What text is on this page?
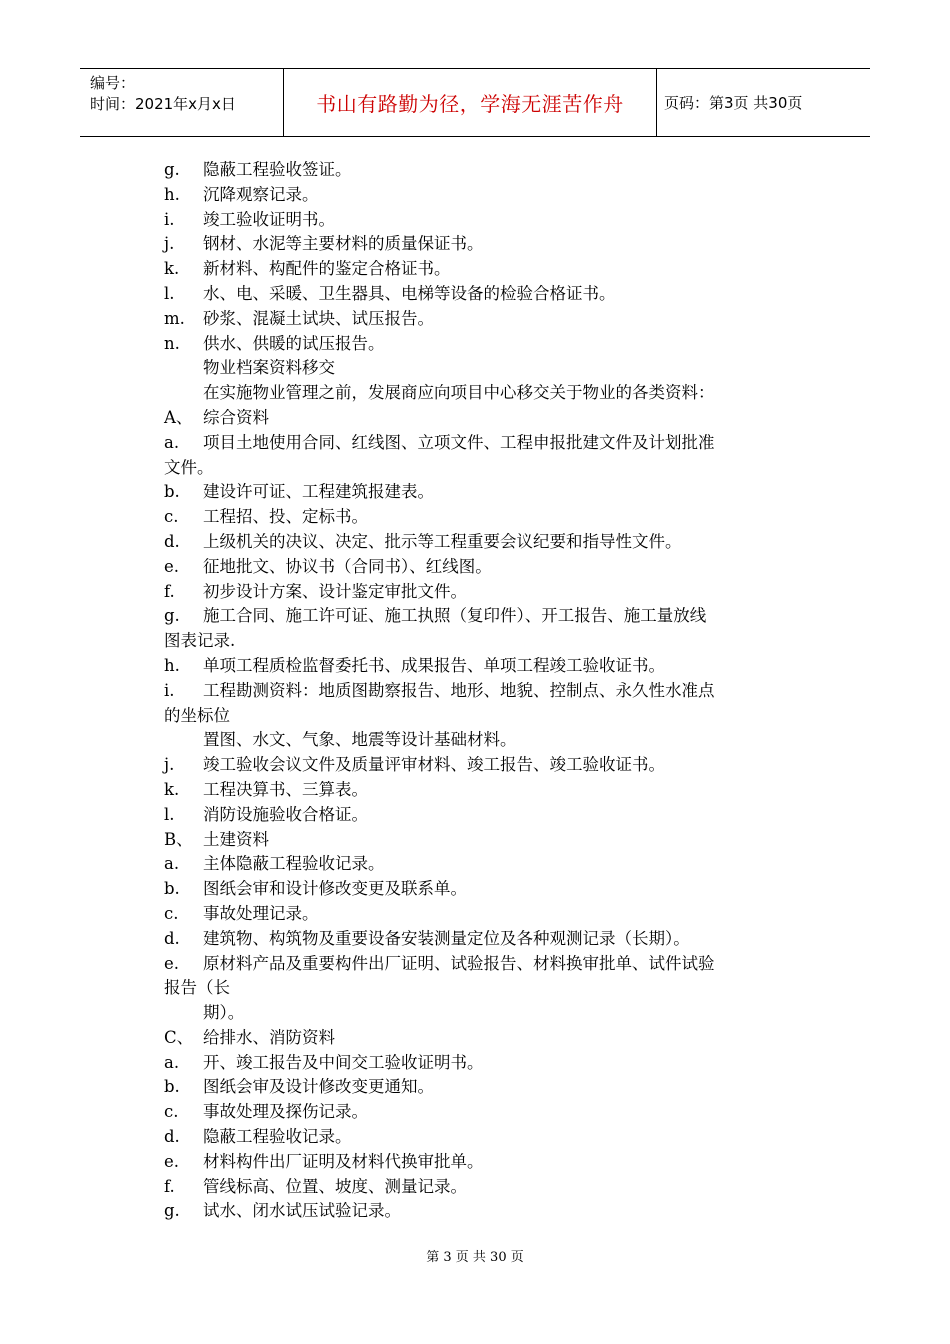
编号：
时间：2021年x月x日	书山有路勤为径，学海无涯苦作舟	页码：第3页 共30页
g. 隐蔽工程验收签证。
h. 沉降观察记录。
i. 竣工验收证明书。
j. 钢材、水泥等主要材料的质量保证书。
k. 新材料、构配件的鉴定合格证书。
l. 水、电、采暖、卫生器具、电梯等设备的检验合格证书。
m. 砂浆、混凝土试块、试压报告。
n. 供水、供暖的试压报告。
物业档案资料移交
在实施物业管理之前，发展商应向项目中心移交关于物业的各类资料：
A、 综合资料
a. 项目土地使用合同、红线图、立项文件、工程申报批建文件及计划批准
文件。
b. 建设许可证、工程建筑报建表。
c. 工程招、投、定标书。
d. 上级机关的决议、决定、批示等工程重要会议纪要和指导性文件。
e. 征地批文、协议书（合同书）、红线图。
f. 初步设计方案、设计鉴定审批文件。
g. 施工合同、施工许可证、施工执照（复印件）、开工报告、施工量放线
图表记录.
h. 单项工程质检监督委托书、成果报告、单项工程竣工验收证书。
i. 工程勘测资料：地质图勘察报告、地形、地貌、控制点、永久性水准点
的坐标位
置图、水文、气象、地震等设计基础材料。
j. 竣工验收会议文件及质量评审材料、竣工报告、竣工验收证书。
k. 工程决算书、三算表。
l. 消防设施验收合格证。
B、 土建资料
a. 主体隐蔽工程验收记录。
b. 图纸会审和设计修改变更及联系单。
c. 事故处理记录。
d. 建筑物、构筑物及重要设备安装测量定位及各种观测记录（长期）。
e. 原材料产品及重要构件出厂证明、试验报告、材料换审批单、试件试验
报告（长
期）。
C、 给排水、消防资料
a. 开、竣工报告及中间交工验收证明书。
b. 图纸会审及设计修改变更通知。
c. 事故处理及探伤记录。
d. 隐蔽工程验收记录。
e. 材料构件出厂证明及材料代换审批单。
f. 管线标高、位置、坡度、测量记录。
g. 试水、闭水试压试验记录。
第 3 页 共 30 页
